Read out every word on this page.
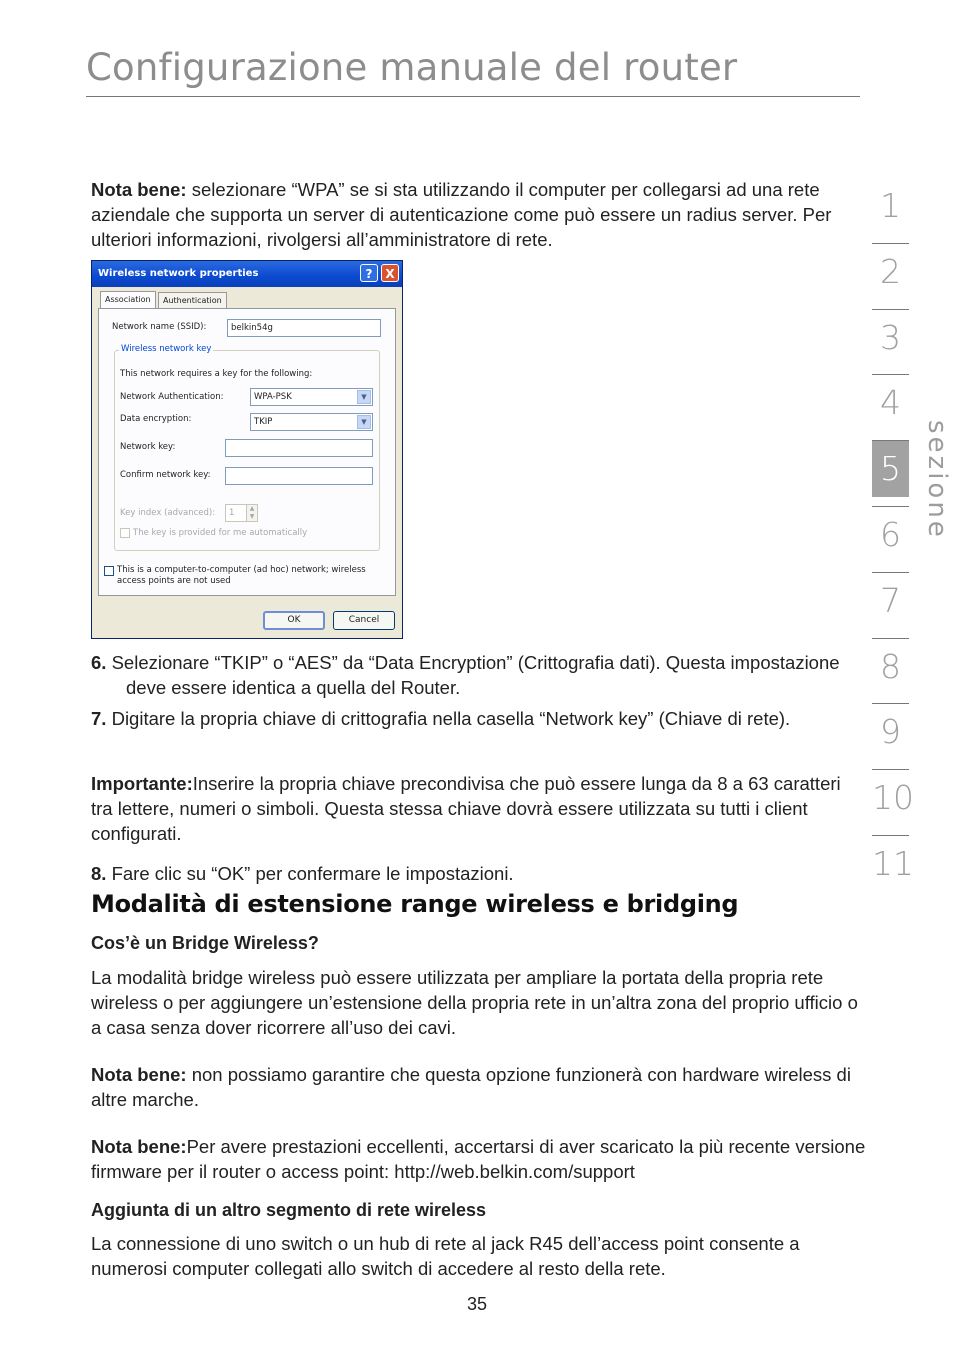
Configurazione manuale del router
1
2
3
4
5
6
7
8
9
10
11
sezione
Nota bene: selezionare “WPA” se si sta utilizzando il computer per collegarsi ad una rete aziendale che supporta un server di autenticazione come può essere un radius server. Per ulteriori informazioni, rivolgersi all’amministratore di rete.
Wireless network properties	?	X
Association	Authentication
Network name (SSID):	belkin54g
Wireless network key
This network requires a key for the following:
Network Authentication:	WPA-PSK	▼
Data encryption:	TKIP	▼
Network key:
Confirm network key:
Key index (advanced):	1	▲
▼
The key is provided for me automatically
This is a computer-to-computer (ad hoc) network; wireless
access points are not used
OK	Cancel
6. Selezionare “TKIP” o “AES” da “Data Encryption” (Crittografia dati). Questa impostazione deve essere identica a quella del Router.
7. Digitare la propria chiave di crittografia nella casella “Network key” (Chiave di rete).
Importante:Inserire la propria chiave precondivisa che può essere lunga da 8 a 63 caratteri tra lettere, numeri o simboli. Questa stessa chiave dovrà essere utilizzata su tutti i client configurati.
8. Fare clic su “OK” per confermare le impostazioni.
Modalità di estensione range wireless e bridging
Cos’è un Bridge Wireless?
La modalità bridge wireless può essere utilizzata per ampliare la portata della propria rete wireless o per aggiungere un’estensione della propria rete in un’altra zona del proprio ufficio o a casa senza dover ricorrere all’uso dei cavi.
Nota bene: non possiamo garantire che questa opzione funzionerà con hardware wireless di altre marche.
Nota bene:Per avere prestazioni eccellenti, accertarsi di aver scaricato la più recente versione firmware per il router o access point: http://web.belkin.com/support
Aggiunta di un altro segmento di rete wireless
La connessione di uno switch o un hub di rete al jack R45 dell’access point consente a numerosi computer collegati allo switch di accedere al resto della rete.
35
